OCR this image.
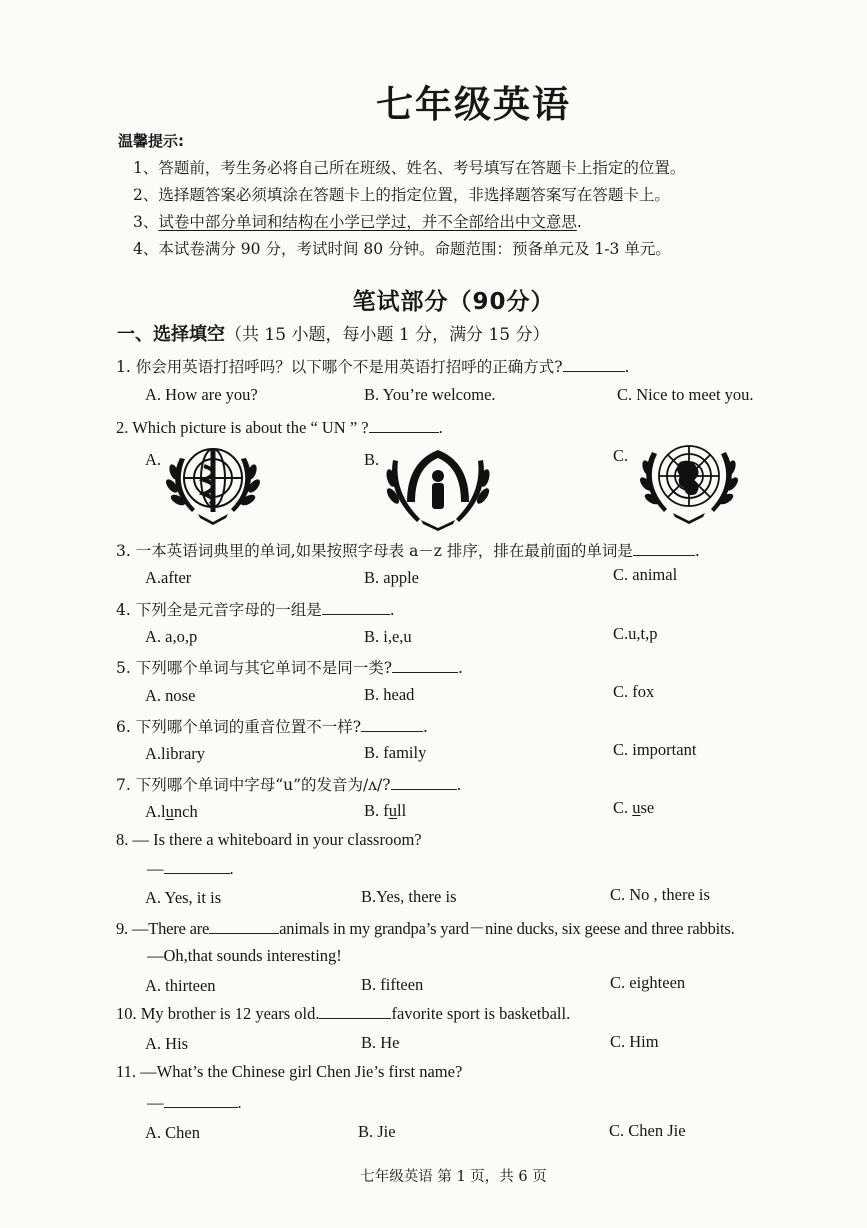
七年级英语
温馨提示:
1、答题前，考生务必将自己所在班级、姓名、考号填写在答题卡上指定的位置。
2、选择题答案必须填涂在答题卡上的指定位置，非选择题答案写在答题卡上。
3、试卷中部分单词和结构在小学已学过，并不全部给出中文意思.
4、本试卷满分 90 分，考试时间 80 分钟。命题范围：预备单元及 1-3 单元。
笔试部分（90分）
一、选择填空（共 15 小题，每小题 1 分，满分 15 分）
1. 你会用英语打招呼吗？以下哪个不是用英语打招呼的正确方式?	.
A. How are you?	B. You’re welcome.	C. Nice to meet you.
2. Which picture is about the “ UN ” ?	.
A.	B.	C.
3. 一本英语词典里的单词,如果按照字母表 a－z 排序，排在最前面的单词是	.
A.after	B. apple	C. animal
4. 下列全是元音字母的一组是	.
A. a,o,p	B. i,e,u	C.u,t,p
5. 下列哪个单词与其它单词不是同一类?	.
A. nose	B. head	C. fox
6. 下列哪个单词的重音位置不一样?	.
A.library	B. family	C. important
7. 下列哪个单词中字母“u”的发音为/ʌ/?	.
A.lunch	B. full	C. use
8. — Is there a whiteboard in your classroom?
—	.
A. Yes, it is	B.Yes, there is	C. No , there is
9. —There are	animals in my grandpa’s yard－nine ducks, six geese and three rabbits.
—Oh,that sounds interesting!
A. thirteen	B. fifteen	C. eighteen
10. My brother is 12 years old.	favorite sport is basketball.
A. His	B. He	C. Him
11. —What’s the Chinese girl Chen Jie’s first name?
—	.
A. Chen	B. Jie	C. Chen Jie
七年级英语 第 1 页，共 6 页
